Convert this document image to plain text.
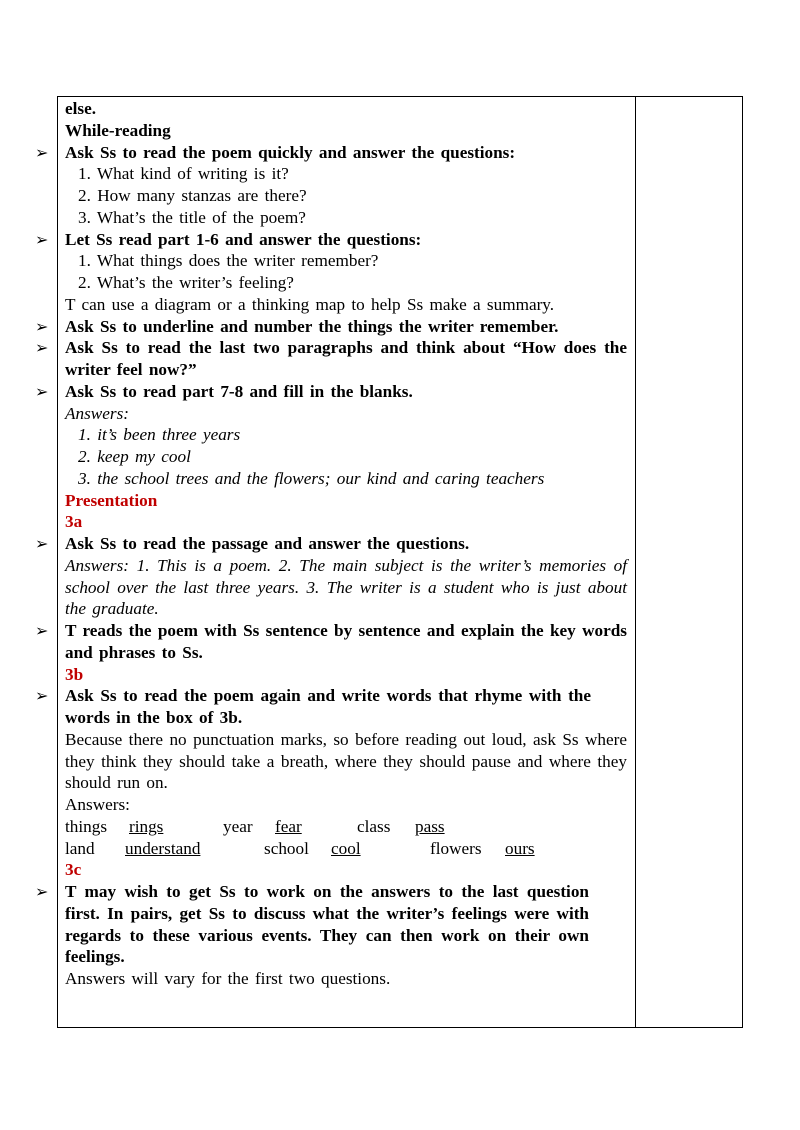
else.
While-reading
➢ Ask Ss to read the poem quickly and answer the questions:
1. What kind of writing is it?
2. How many stanzas are there?
3. What’s the title of the poem?
➢ Let Ss read part 1-6 and answer the questions:
1. What things does the writer remember?
2. What’s the writer’s feeling?
T can use a diagram or a thinking map to help Ss make a summary.
➢ Ask Ss to underline and number the things the writer remember.
➢ Ask Ss to read the last two paragraphs and think about “How does the writer feel now?”
➢ Ask Ss to read part 7-8 and fill in the blanks.
Answers:
1. it’s been three years
2. keep my cool
3. the school trees and the flowers; our kind and caring teachers
Presentation
3a
➢ Ask Ss to read the passage and answer the questions.
Answers: 1. This is a poem. 2. The main subject is the writer’s memories of school over the last three years. 3. The writer is a student who is just about the graduate.
➢ T reads the poem with Ss sentence by sentence and explain the key words and phrases to Ss.
3b
➢ Ask Ss to read the poem again and write words that rhyme with the words in the box of 3b.
Because there no punctuation marks, so before reading out loud, ask Ss where they think they should take a breath, where they should pause and where they should run on.
Answers:
things rings	year fear	class pass
land understand	school cool	flowers ours
3c
➢ T may wish to get Ss to work on the answers to the last question first. In pairs, get Ss to discuss what the writer’s feelings were with regards to these various events. They can then work on their own feelings.
Answers will vary for the first two questions.
